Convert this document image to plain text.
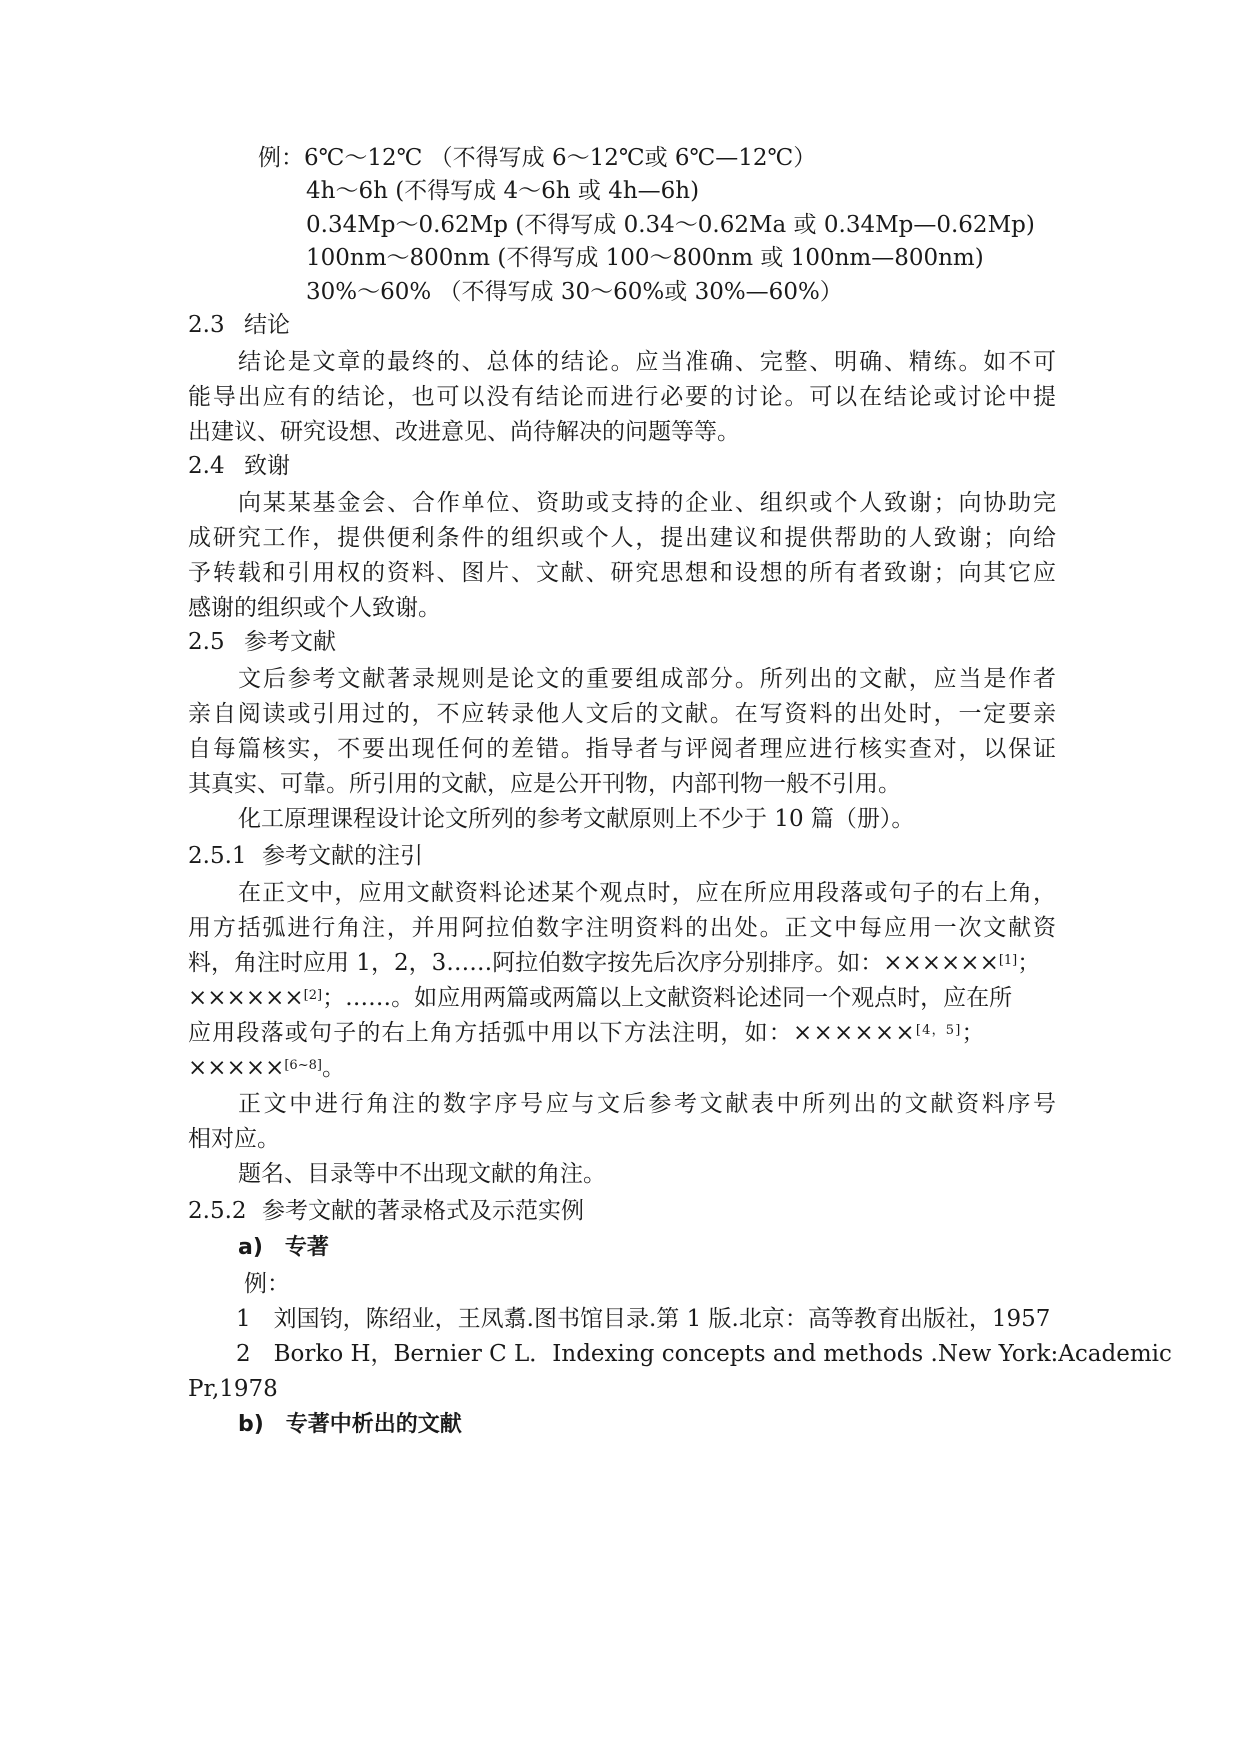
例：6℃～12℃ （不得写成 6～12℃或 6℃—12℃）
4h～6h (不得写成 4～6h 或 4h—6h)
0.34Mp～0.62Mp (不得写成 0.34～0.62Ma 或 0.34Mp—0.62Mp)
100nm～800nm (不得写成 100～800nm 或 100nm—800nm)
30%～60% （不得写成 30～60%或 30%—60%）
2.3 结论
结论是文章的最终的、总体的结论。应当准确、完整、明确、精练。如不可
能导出应有的结论，也可以没有结论而进行必要的讨论。可以在结论或讨论中提
出建议、研究设想、改进意见、尚待解决的问题等等。
2.4 致谢
向某某基金会、合作单位、资助或支持的企业、组织或个人致谢；向协助完
成研究工作，提供便利条件的组织或个人，提出建议和提供帮助的人致谢；向给
予转载和引用权的资料、图片、文献、研究思想和设想的所有者致谢；向其它应
感谢的组织或个人致谢。
2.5 参考文献
文后参考文献著录规则是论文的重要组成部分。所列出的文献，应当是作者
亲自阅读或引用过的，不应转录他人文后的文献。在写资料的出处时，一定要亲
自每篇核实，不要出现任何的差错。指导者与评阅者理应进行核实查对，以保证
其真实、可靠。所引用的文献，应是公开刊物，内部刊物一般不引用。
化工原理课程设计论文所列的参考文献原则上不少于 10 篇（册）。
2.5.1 参考文献的注引
在正文中，应用文献资料论述某个观点时，应在所应用段落或句子的右上角，
用方括弧进行角注，并用阿拉伯数字注明资料的出处。正文中每应用一次文献资
料，角注时应用 1，2，3……阿拉伯数字按先后次序分别排序。如：××××××[1]；
××××××[2]；……。如应用两篇或两篇以上文献资料论述同一个观点时，应在所
应用段落或句子的右上角方括弧中用以下方法注明，如：××××××[4，5]；
×××××[6~8]。
正文中进行角注的数字序号应与文后参考文献表中所列出的文献资料序号
相对应。
题名、目录等中不出现文献的角注。
2.5.2 参考文献的著录格式及示范实例
a)　专著
例：
1　刘国钧，陈绍业，王凤翥.图书馆目录.第 1 版.北京：高等教育出版社，1957
2　Borko H，Bernier C L．Indexing concepts and methods .New York:Academic
Pr,1978
b)　专著中析出的文献
